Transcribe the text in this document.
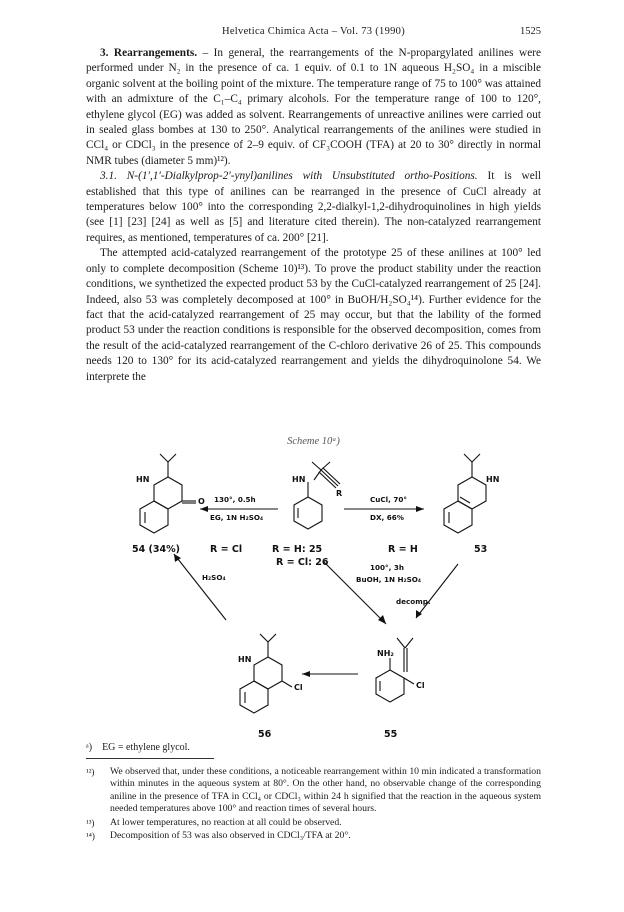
Helvetica Chimica Acta – Vol. 73 (1990)	1525

3. Rearrangements. – In general, the rearrangements of the N-propargylated anilines were performed under N₂ in the presence of ca. 1 equiv. of 0.1 to 1N aqueous H₂SO₄ in a miscible organic solvent at the boiling point of the mixture. The temperature range of 75 to 100° was attained with an admixture of the C₁–C₄ primary alcohols. For the temperature range of 100 to 120°, ethylene glycol (EG) was added as solvent. Rearrangements of unreactive anilines were carried out in sealed glass bombes at 130 to 250°. Analytical rearrangements of the anilines were studied in CCl₄ or CDCl₃ in the presence of 2–9 equiv. of CF₃COOH (TFA) at 20 to 30° directly in normal NMR tubes (diameter 5 mm)¹²).

3.1. N-(1′,1′-Dialkylprop-2′-ynyl)anilines with Unsubstituted ortho-Positions. It is well established that this type of anilines can be rearranged in the presence of CuCl already at temperatures below 100° into the corresponding 2,2-dialkyl-1,2-dihydroquinolines in high yields (see [1] [23] [24] as well as [5] and literature cited therein). The non-catalyzed rearrangement requires, as mentioned, temperatures of ca. 200° [21].

The attempted acid-catalyzed rearrangement of the prototype 25 of these anilines at 100° led only to complete decomposition (Scheme 10)¹³). To prove the product stability under the reaction conditions, we synthetized the expected product 53 by the CuCl-catalyzed rearrangement of 25 [24]. Indeed, also 53 was completely decomposed at 100° in BuOH/H₂SO₄¹⁴). Further evidence for the fact that the acid-catalyzed rearrangement of 25 may occur, but that the lability of the formed product 53 under the reaction conditions is responsible for the observed decomposition, comes from the result of the acid-catalyzed rearrangement of the C-chloro derivative 26 of 25. This compounds needs 120 to 130° for its acid-catalyzed rearrangement and yields the dihydroquinolone 54. We interprete the

Scheme 10ᵃ)
HN
O
HN
R
HN
HN
Cl
NH₂
Cl
130°, 0.5h
EG, 1N H₂SO₄
CuCl, 70°
DX, 66%
H₂SO₄
100°, 3h
BuOH, 1N H₂SO₄
decomp.
54 (34%)	R = Cl	R = H: 25
R = Cl: 26
R = H	53
56	55
ᵃ) EG = ethylene glycol.
¹²) We observed that, under these conditions, a noticeable rearrangement within 10 min indicated a transformation within minutes in the aqueous system at 80°. On the other hand, no observable change of the corresponding aniline in the presence of TFA in CCl₄ or CDCl₃ within 24 h signified that the reaction in the aqueous system needed temperatures above 100° and reaction times of several hours.
¹³) At lower temperatures, no reaction at all could be observed.
¹⁴) Decomposition of 53 was also observed in CDCl₃/TFA at 20°.
